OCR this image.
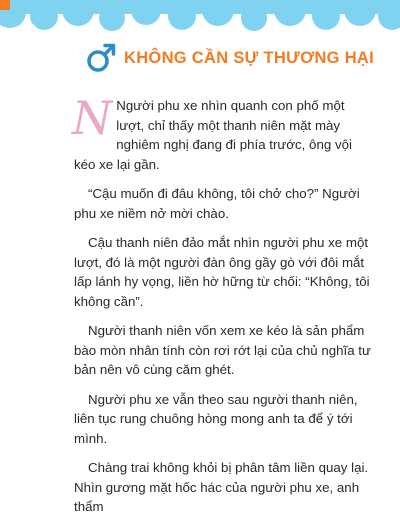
KHÔNG CẦN SỰ THƯƠNG HẠI

N Người phu xe nhìn quanh con phố một lượt, chỉ thấy một thanh niên mặt mày nghiêm nghị đang đi phía trước, ông vội kéo xe lại gần.

“Cậu muốn đi đâu không, tôi chở cho?” Người phu xe niềm nở mời chào.

Cậu thanh niên đảo mắt nhìn người phu xe một lượt, đó là một người đàn ông gầy gò với đôi mắt lấp lánh hy vọng, liền hờ hững từ chối: “Không, tôi không cần”.

Người thanh niên vốn xem xe kéo là sản phẩm bào mòn nhân tính còn rơi rớt lại của chủ nghĩa tư bản nên vô cùng căm ghét.

Người phu xe vẫn theo sau người thanh niên, liên tục rung chuông hòng mong anh ta để ý tới mình.

Chàng trai không khỏi bị phân tâm liền quay lại. Nhìn gương mặt hốc hác của người phu xe, anh thẩm
